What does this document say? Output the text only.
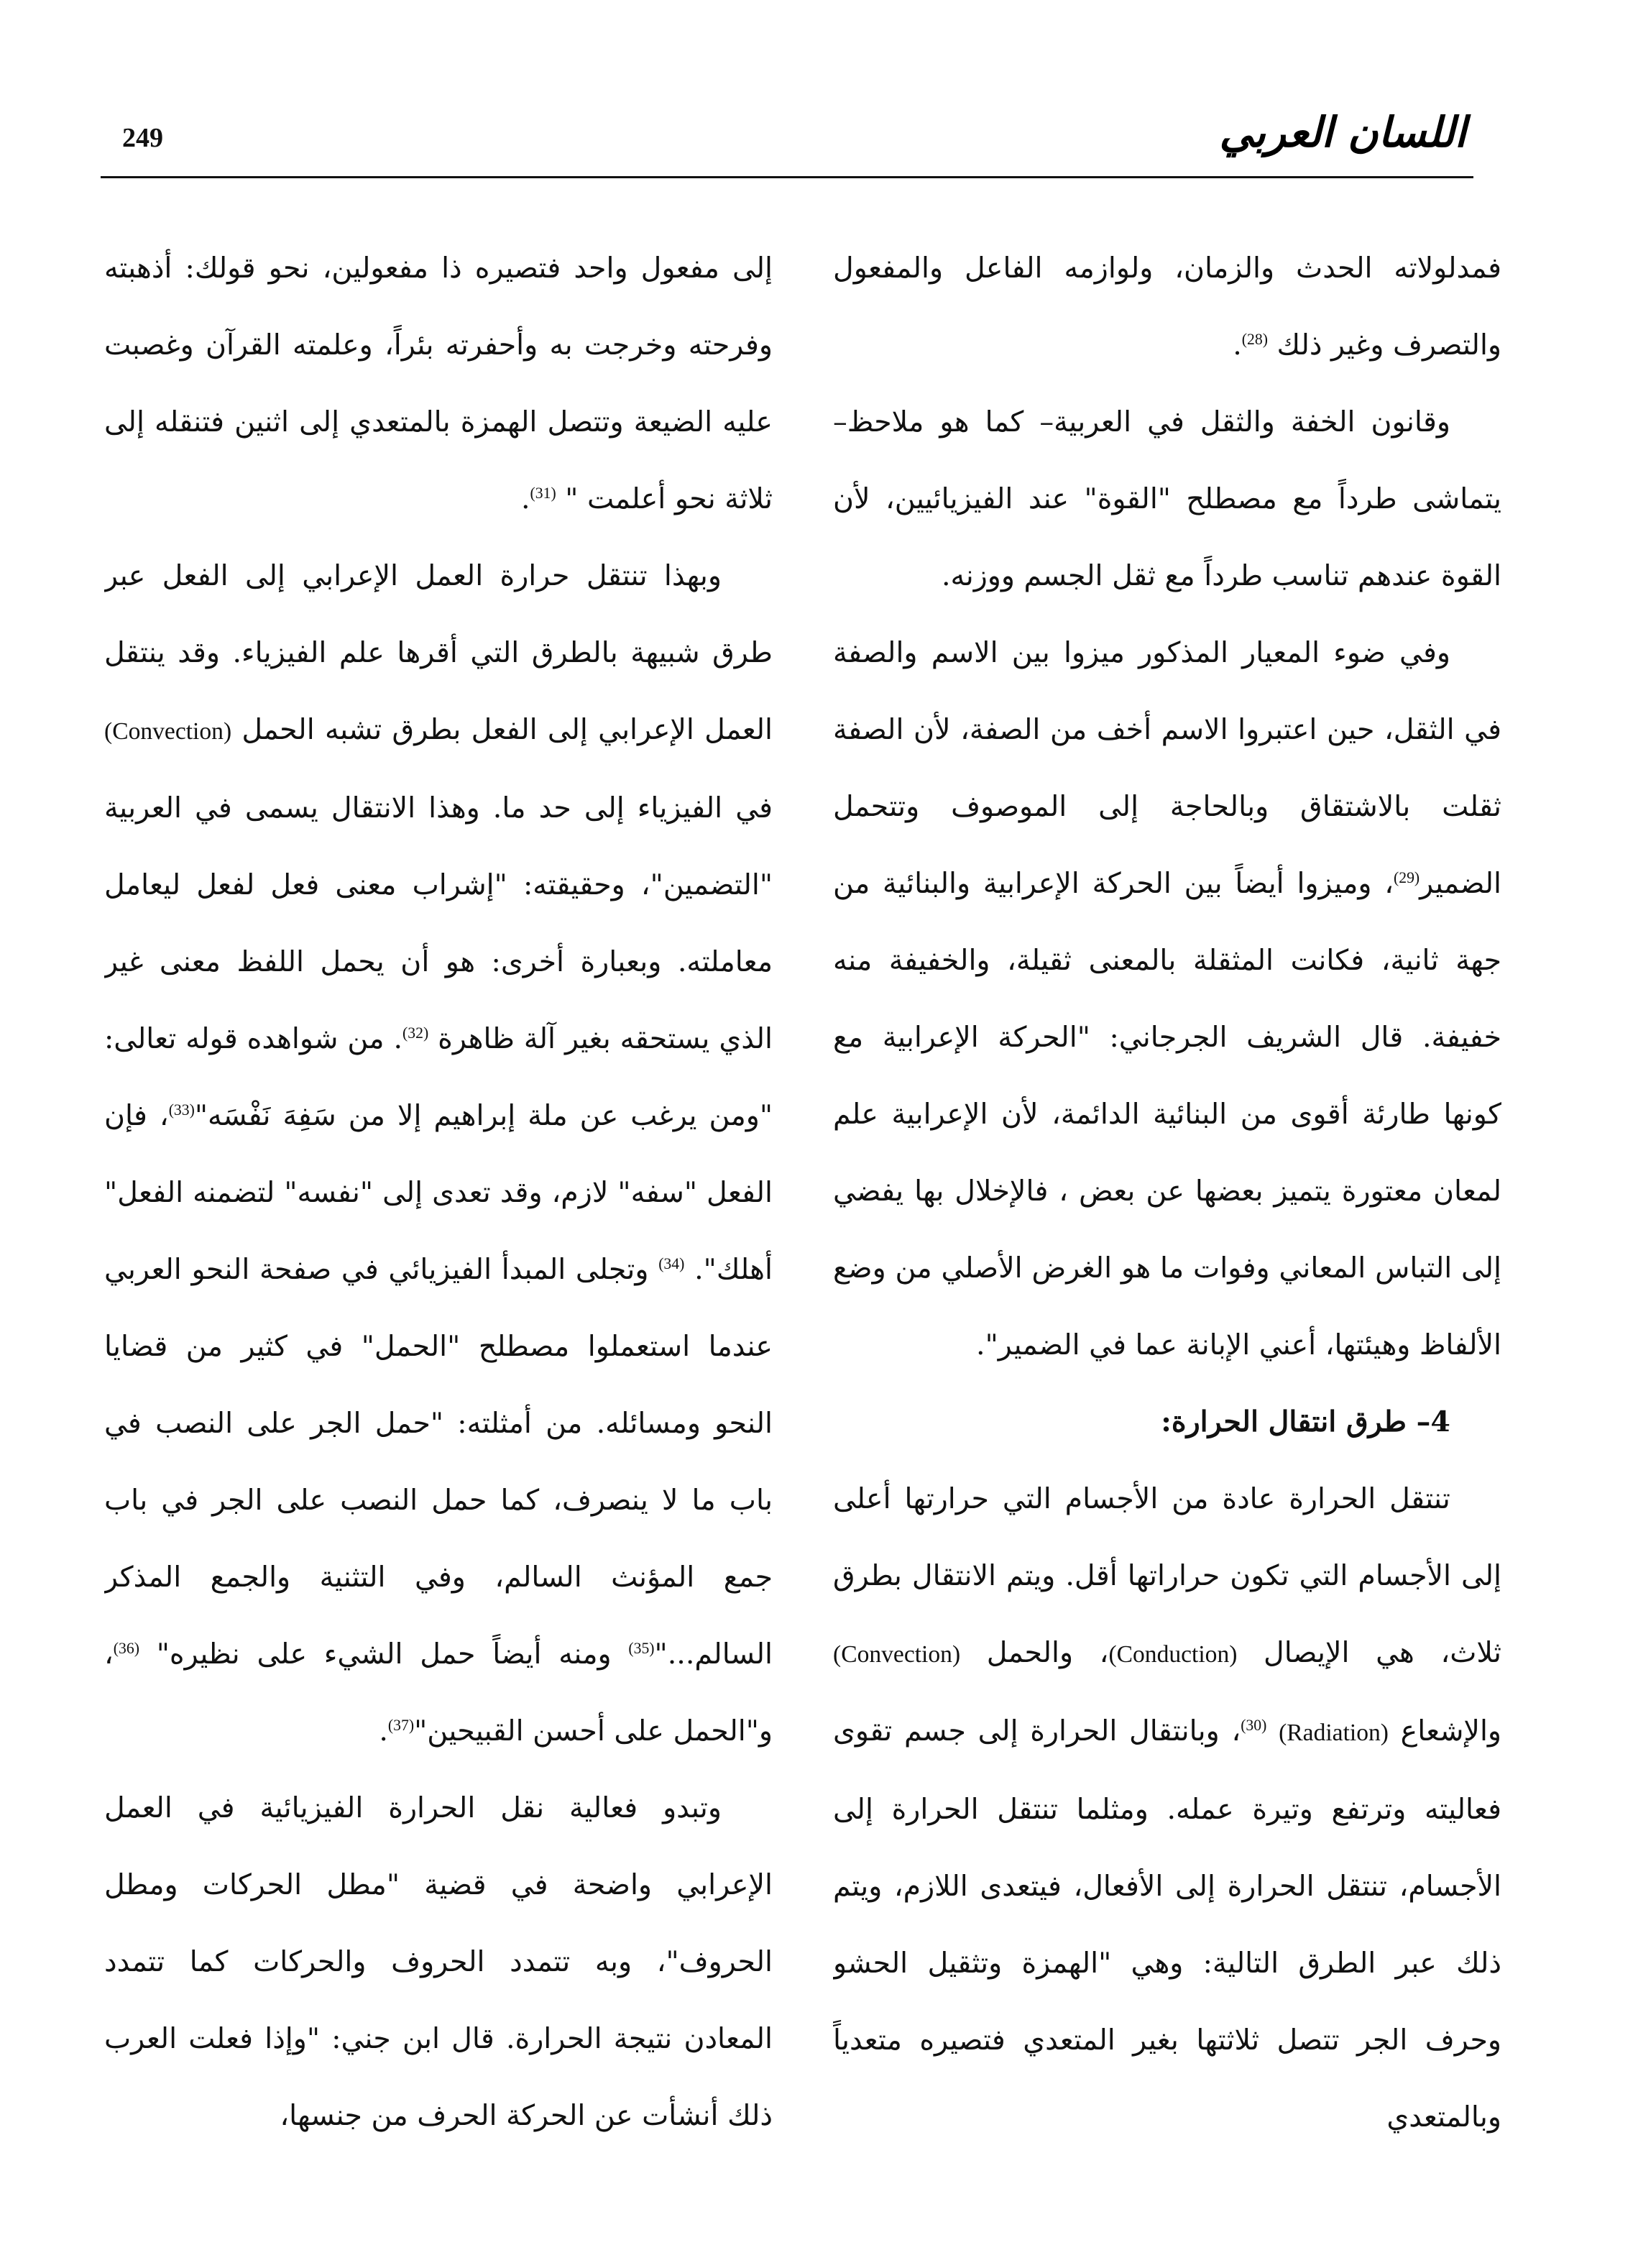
249	اللسان العربي

فمدلولاته الحدث والزمان، ولوازمه الفاعل والمفعول والتصرف وغير ذلك $^{(28)}$.

وقانون الخفة والثقل في العربية– كما هو ملاحظ– يتماشى طرداً مع مصطلح "القوة" عند الفيزيائيين، لأن القوة عندهم تناسب طرداً مع ثقل الجسم ووزنه.

وفي ضوء المعيار المذكور ميزوا بين الاسم والصفة في الثقل، حين اعتبروا الاسم أخف من الصفة، لأن الصفة ثقلت بالاشتقاق وبالحاجة إلى الموصوف وتتحمل الضمير$^{(29)}$، وميزوا أيضاً بين الحركة الإعرابية والبنائية من جهة ثانية، فكانت المثقلة بالمعنى ثقيلة، والخفيفة منه خفيفة. قال الشريف الجرجاني: "الحركة الإعرابية مع كونها طارئة أقوى من البنائية الدائمة، لأن الإعرابية علم لمعان معتورة يتميز بعضها عن بعض ، فالإخلال بها يفضي إلى التباس المعاني وفوات ما هو الغرض الأصلي من وضع الألفاظ وهيئتها، أعني الإبانة عما في الضمير".

4– طرق انتقال الحرارة:

تنتقل الحرارة عادة من الأجسام التي حرارتها أعلى إلى الأجسام التي تكون حراراتها أقل. ويتم الانتقال بطرق ثلاث، هي الإيصال (Conduction)، والحمل (Convection) والإشعاع (Radiation) $^{(30)}$، وبانتقال الحرارة إلى جسم تقوى فعاليته وترتفع وتيرة عمله. ومثلما تنتقل الحرارة إلى الأجسام، تنتقل الحرارة إلى الأفعال، فيتعدى اللازم، ويتم ذلك عبر الطرق التالية: وهي "الهمزة وتثقيل الحشو وحرف الجر تتصل ثلاثتها بغير المتعدي فتصيره متعدياً وبالمتعدي

إلى مفعول واحد فتصيره ذا مفعولين، نحو قولك: أذهبته وفرحته وخرجت به وأحفرته بئراً، وعلمته القرآن وغصبت عليه الضيعة وتتصل الهمزة بالمتعدي إلى اثنين فتنقله إلى ثلاثة نحو أعلمت " $^{(31)}$.

وبهذا تنتقل حرارة العمل الإعرابي إلى الفعل عبر طرق شبيهة بالطرق التي أقرها علم الفيزياء. وقد ينتقل العمل الإعرابي إلى الفعل بطرق تشبه الحمل (Convection) في الفيزياء إلى حد ما. وهذا الانتقال يسمى في العربية "التضمين"، وحقيقته: "إشراب معنى فعل لفعل ليعامل معاملته. وبعبارة أخرى: هو أن يحمل اللفظ معنى غير الذي يستحقه بغير آلة ظاهرة $^{(32)}$. من شواهده قوله تعالى: "ومن يرغب عن ملة إبراهيم إلا من سَفِهَ نَفْسَه"$^{(33)}$، فإن الفعل "سفه" لازم، وقد تعدى إلى "نفسه" لتضمنه الفعل" أهلك". $^{(34)}$ وتجلى المبدأ الفيزيائي في صفحة النحو العربي عندما استعملوا مصطلح "الحمل" في كثير من قضايا النحو ومسائله. من أمثلته: "حمل الجر على النصب في باب ما لا ينصرف، كما حمل النصب على الجر في باب جمع المؤنث السالم، وفي التثنية والجمع المذكر السالم..."$^{(35)}$ ومنه أيضاً حمل الشيء على نظيره" $^{(36)}$، و"الحمل على أحسن القبيحين"$^{(37)}$.

وتبدو فعالية نقل الحرارة الفيزيائية في العمل الإعرابي واضحة في قضية "مطل الحركات ومطل الحروف"، وبه تتمدد الحروف والحركات كما تتمدد المعادن نتيجة الحرارة. قال ابن جني: "وإذا فعلت العرب ذلك أنشأت عن الحركة الحرف من جنسها،
